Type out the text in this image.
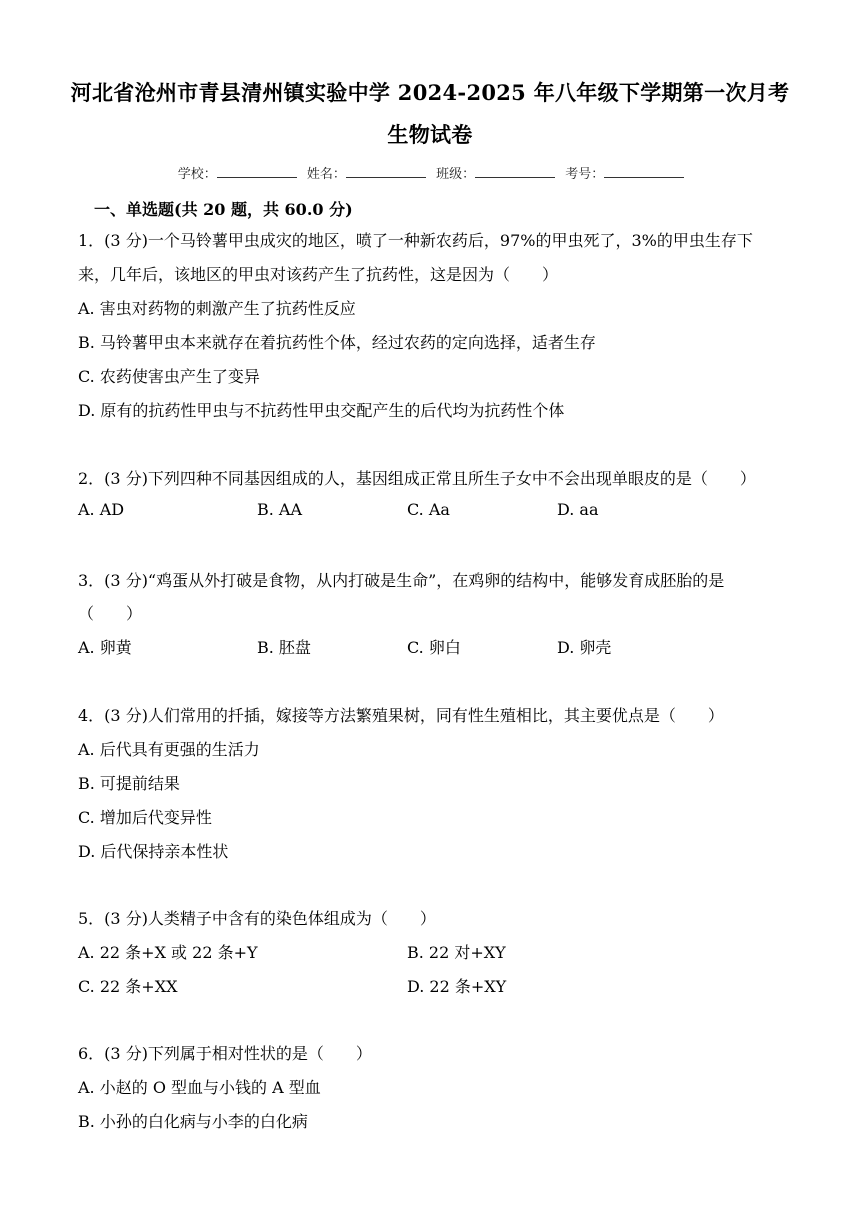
河北省沧州市青县清州镇实验中学 2024-2025 年八年级下学期第一次月考
生物试卷
学校：	姓名：	班级：	考号：
一、单选题(共 20 题，共 60.0 分)
1．(3 分)一个马铃薯甲虫成灾的地区，喷了一种新农药后，97%的甲虫死了，3%的甲虫生存下
来，几年后，该地区的甲虫对该药产生了抗药性，这是因为（　　）
A. 害虫对药物的刺激产生了抗药性反应
B. 马铃薯甲虫本来就存在着抗药性个体，经过农药的定向选择，适者生存
C. 农药使害虫产生了变异
D. 原有的抗药性甲虫与不抗药性甲虫交配产生的后代均为抗药性个体
2．(3 分)下列四种不同基因组成的人，基因组成正常且所生子女中不会出现单眼皮的是（　　）
A. AD	B. AA	C. Aa	D. aa
3．(3 分)“鸡蛋从外打破是食物，从内打破是生命”，在鸡卵的结构中，能够发育成胚胎的是
（　　）
A. 卵黄	B. 胚盘	C. 卵白	D. 卵壳
4．(3 分)人们常用的扦插，嫁接等方法繁殖果树，同有性生殖相比，其主要优点是（　　）
A. 后代具有更强的生活力
B. 可提前结果
C. 增加后代变异性
D. 后代保持亲本性状
5．(3 分)人类精子中含有的染色体组成为（　　）
A. 22 条+X 或 22 条+Y	B. 22 对+XY
C. 22 条+XX	D. 22 条+XY
6．(3 分)下列属于相对性状的是（　　）
A. 小赵的 O 型血与小钱的 A 型血
B. 小孙的白化病与小李的白化病
